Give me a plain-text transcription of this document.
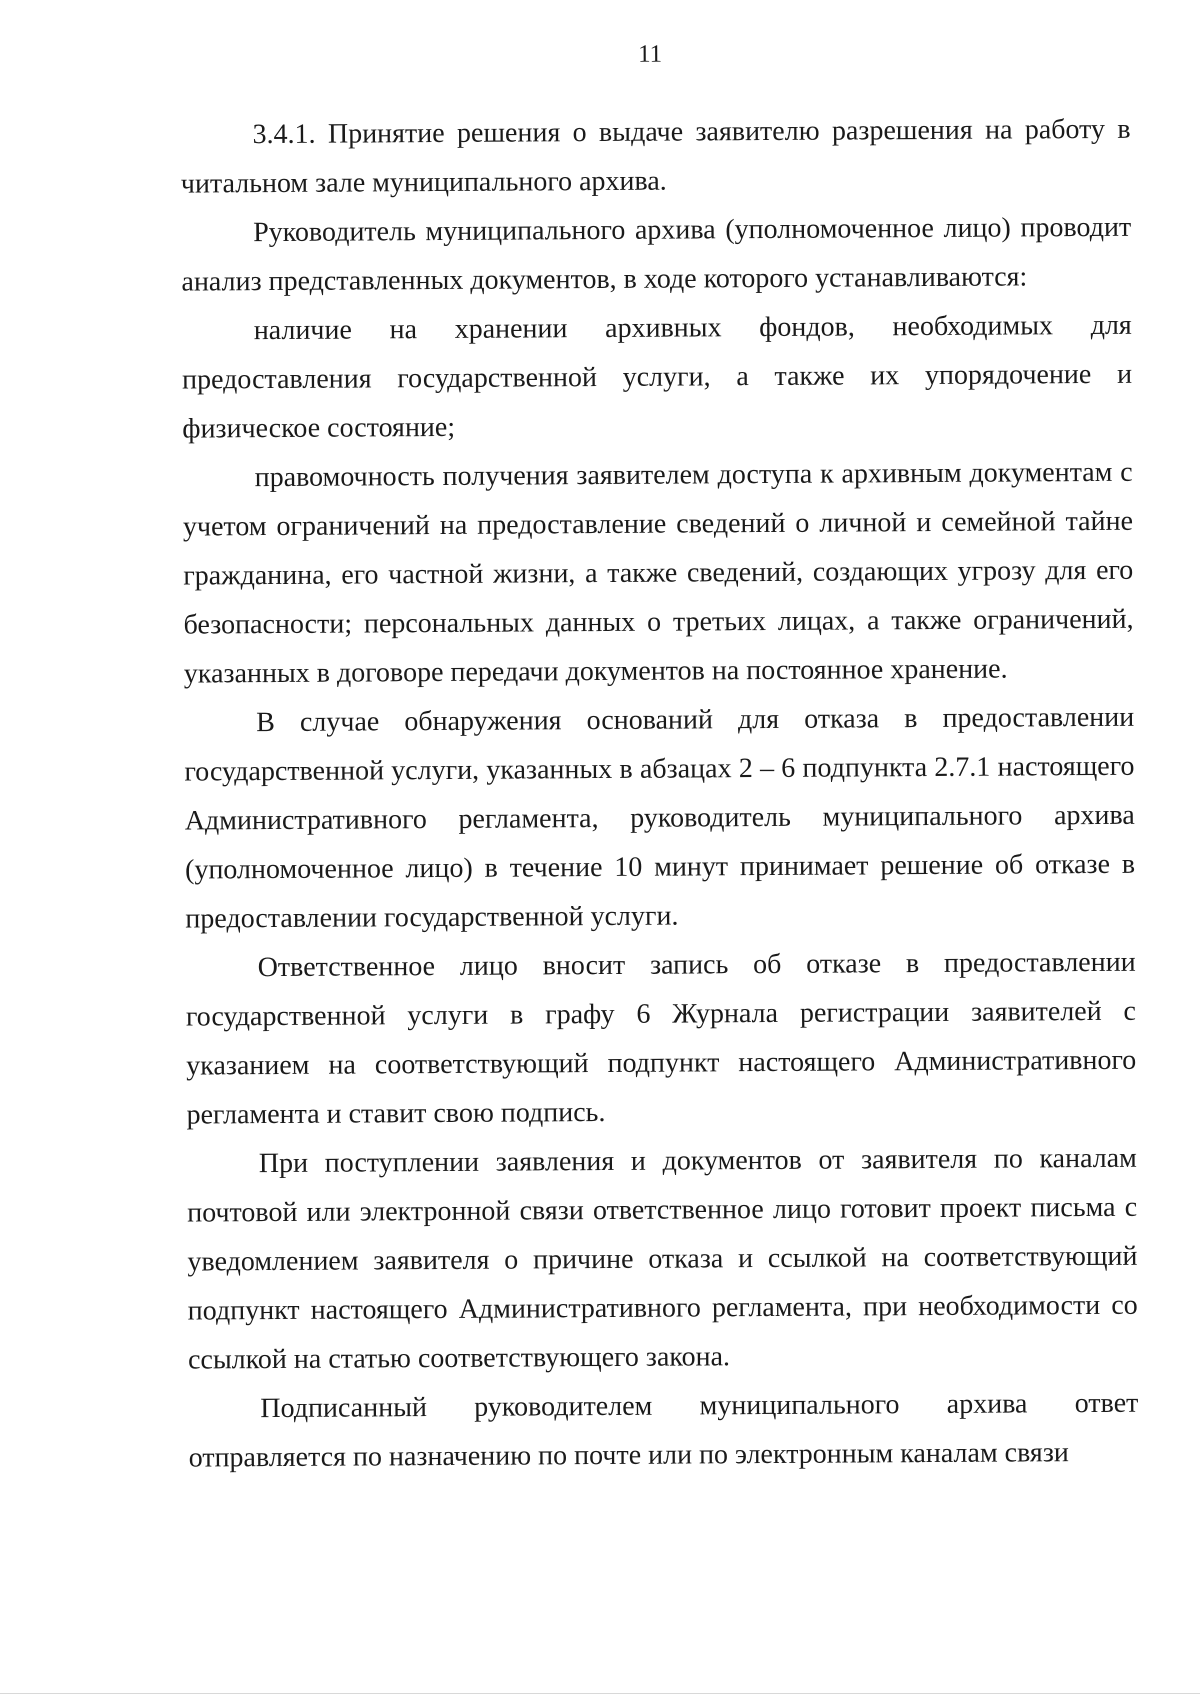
11

3.4.1. Принятие решения о выдаче заявителю разрешения на работу в читальном зале муниципального архива.

Руководитель муниципального архива (уполномоченное лицо) проводит анализ представленных документов, в ходе которого устанавливаются:

наличие на хранении архивных фондов, необходимых для предоставления государственной услуги, а также их упорядочение и физическое состояние;

правомочность получения заявителем доступа к архивным документам с учетом ограничений на предоставление сведений о личной и семейной тайне гражданина, его частной жизни, а также сведений, создающих угрозу для его безопасности; персональных данных о третьих лицах, а также ограничений, указанных в договоре передачи документов на постоянное хранение.

В случае обнаружения оснований для отказа в предоставлении государственной услуги, указанных в абзацах 2 – 6 подпункта 2.7.1 настоящего Административного регламента, руководитель муниципального архива (уполномоченное лицо) в течение 10 минут принимает решение об отказе в предоставлении государственной услуги.

Ответственное лицо вносит запись об отказе в предоставлении государственной услуги в графу 6 Журнала регистрации заявителей с указанием на соответствующий подпункт настоящего Административного регламента и ставит свою подпись.

При поступлении заявления и документов от заявителя по каналам почтовой или электронной связи ответственное лицо готовит проект письма с уведомлением заявителя о причине отказа и ссылкой на соответствующий подпункт настоящего Административного регламента, при необходимости со ссылкой на статью соответствующего закона.

Подписанный руководителем муниципального архива ответ отправляется по назначению по почте или по электронным каналам связи
